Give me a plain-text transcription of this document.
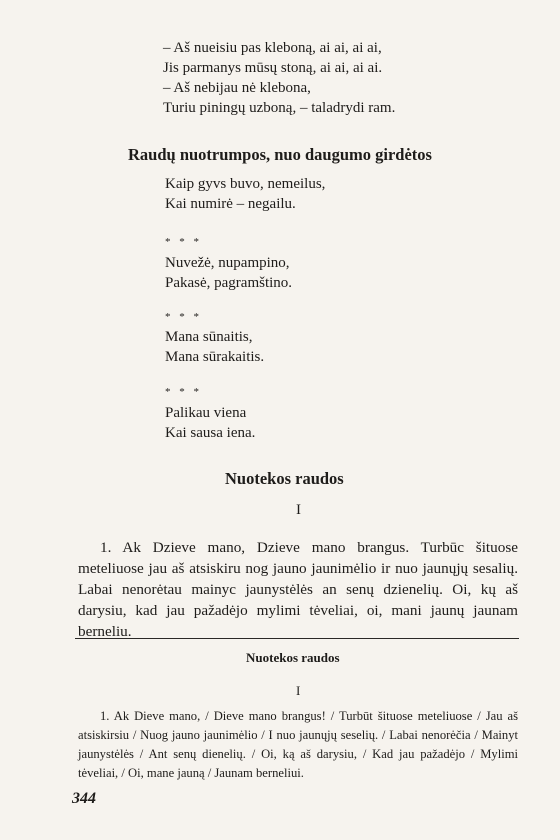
– Aš nueisiu pas kleboną, ai ai, ai ai,
Jis parmanys mūsų stoną, ai ai, ai ai.
– Aš nebijau nė klebona,
Turiu piningų uzboną, – taladrydi ram.
Raudų nuotrumpos, nuo daugumo girdėtos
Kaip gyvs buvo, nemeilus,
Kai numirė – negailu.
* * *
Nuvežė, nupampino,
Pakasė, pagramštino.
* * *
Mana sūnaitis,
Mana sūrakaitis.
* * *
Palikau viena
Kai sausa iena.
Nuotekos raudos
I

1. Ak Dzieve mano, Dzieve mano brangus. Turbūc šituose meteliuose jau aš atsiskiru nog jauno jaunimėlio ir nuo jaunųjų sesalių. Labai nenorėtau mainyc jaunystėlės an senų dzienelių. Oi, kų aš darysiu, kad jau pažadėjo mylimi tėveliai, oi, mani jaunų jaunam berneliu.

Nuotekos raudos
I

1. Ak Dieve mano, / Dieve mano brangus! / Turbūt šituose meteliuose / Jau aš atsiskirsiu / Nuog jauno jaunimėlio / I nuo jaunųjų seselių. / Labai nenorėčia / Mainyt jaunystėlės / Ant senų dienelių. / Oi, ką aš darysiu, / Kad jau pažadėjo / Mylimi tėveliai, / Oi, mane jauną / Jaunam berneliui.

344
